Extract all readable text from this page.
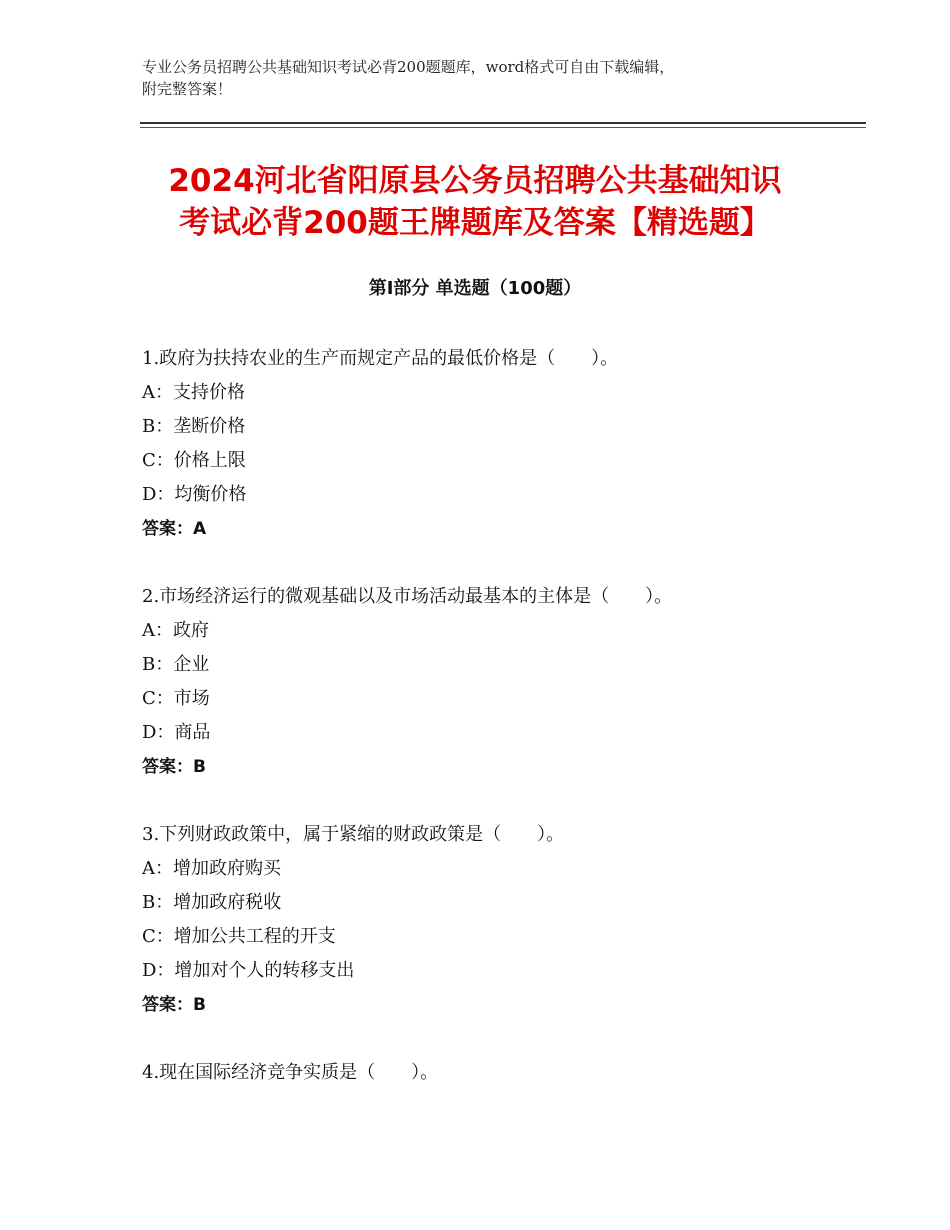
专业公务员招聘公共基础知识考试必背200题题库，word格式可自由下载编辑，
附完整答案！
2024河北省阳原县公务员招聘公共基础知识
考试必背200题王牌题库及答案【精选题】
第Ⅰ部分 单选题（100题）
1.政府为扶持农业的生产而规定产品的最低价格是（　　）。
A：支持价格
B：垄断价格
C：价格上限
D：均衡价格
答案：A
2.市场经济运行的微观基础以及市场活动最基本的主体是（　　）。
A：政府
B：企业
C：市场
D：商品
答案：B
3.下列财政政策中，属于紧缩的财政政策是（　　）。
A：增加政府购买
B：增加政府税收
C：增加公共工程的开支
D：增加对个人的转移支出
答案：B
4.现在国际经济竞争实质是（　　）。
